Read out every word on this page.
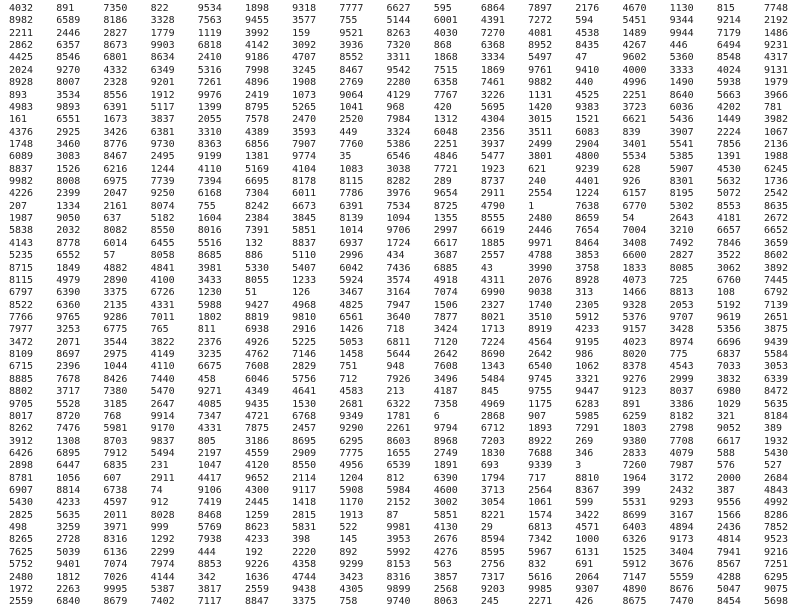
4032	891	7350	822	9534	1898	9318	7777	6627	595	6864	7897	2176	4670	1130	815	7748
8982	6589	8186	3328	7563	9455	3577	755	5144	6001	4391	7272	594	5451	9344	9214	2192
2211	2446	2827	1779	1119	3992	159	9521	8263	4030	7270	4081	4538	1489	9944	7179	1486
2862	6357	8673	9903	6818	4142	3092	3936	7320	868	6368	8952	8435	4267	446	6494	9231
4425	8546	6801	8634	2410	9186	4707	8552	3311	1868	3334	5497	47	9602	5360	8548	4317
2024	9270	4332	6349	5316	7998	3245	8467	9542	7515	1869	9761	9410	4000	3333	4024	9131
8928	8007	2328	9201	7261	4896	1908	2769	2280	6358	7461	9882	440	4996	1490	5938	1979
893	3534	8556	1912	9976	2419	1073	9064	4129	7767	3226	1131	4525	2251	8640	5663	3966
4983	9893	6391	5117	1399	8795	5265	1041	968	420	5695	1420	9383	3723	6036	4202	781
161	6551	1673	3837	2055	7578	2470	2520	7984	1312	4304	3015	1521	6621	5436	1449	3982
4376	2925	3426	6381	3310	4389	3593	449	3324	6048	2356	3511	6083	839	3907	2224	1067
1748	3460	8776	9730	8363	6856	7907	7760	5386	2251	3937	2499	2904	3401	5541	7856	2136
6089	3083	8467	2495	9199	1381	9774	35	6546	4846	5477	3801	4800	5534	5385	1391	1988
8837	1526	6216	1244	4110	5169	4104	1083	3038	7721	1923	621	9239	628	5907	4530	6245
9982	8008	6975	7739	7394	6695	8178	8115	8282	289	8737	240	4401	926	8301	5632	1736
4226	2399	2047	9250	6168	7304	6011	7786	3976	9654	2911	2554	1224	6157	8195	5072	2542
207	1334	2161	8074	755	8242	6673	6391	7534	8725	4790	1	7638	6770	5302	8553	8635
1987	9050	637	5182	1604	2384	3845	8139	1094	1355	8555	2480	8659	54	2643	4181	2672
5838	2032	8082	8550	8016	7391	5851	1014	9706	2997	6619	2446	7654	7004	3210	6657	6652
4143	8778	6014	6455	5516	132	8837	6937	1724	6617	1885	9971	8464	3408	7492	7846	3659
5235	6552	57	8058	8685	886	5110	2996	434	3687	2557	4788	3853	6600	2827	3522	8602
8715	1849	4882	4841	3981	5330	5407	6042	7436	6885	43	3990	3758	1833	8085	3062	3892
8115	4979	2890	4100	3433	8055	1233	5924	3574	4918	4311	2076	8928	4073	725	6760	7445
6797	6390	3375	6726	1230	51	126	3467	3164	7074	6990	9038	313	1466	8813	108	6792
8522	6360	2135	4331	5988	9427	4968	4825	7947	1506	2327	1740	2305	9328	2053	5192	7139
7766	9765	9286	7011	1802	8819	9810	6561	3640	7877	8021	3510	5912	5376	9707	9619	2651
7977	3253	6775	765	811	6938	2916	1426	718	3424	1713	8919	4233	9157	3428	5356	3875
3472	2071	3544	3822	2376	4926	5225	5053	6811	7120	7224	4564	9195	4023	8974	6696	9439
8109	8697	2975	4149	3235	4762	7146	1458	5644	2642	8690	2642	986	8020	775	6837	5584
6715	2396	1044	4110	6675	7608	2829	751	948	7608	1343	6540	1062	8378	4543	7033	3053
8885	7678	8426	7440	458	6046	5756	712	7926	3496	5484	9745	3321	9276	2999	3832	6339
8802	3717	7380	5470	9271	4349	4641	4583	213	4187	845	9755	9447	9123	8037	6980	8472
9705	5528	3185	2647	4085	9435	1530	2681	6322	7358	4969	1175	6283	891	3386	1029	5635
8017	8720	768	9914	7347	4721	6768	9349	1781	6	2868	907	5985	6259	8182	321	8184
8262	7476	5981	9170	4331	7875	2457	9290	2261	9794	6712	1893	7291	1803	2798	9052	389
3912	1308	8703	9837	805	3186	8695	6295	8603	8968	7203	8922	269	9380	7708	6617	1932
6426	6895	7912	5494	2197	4559	2909	7775	1655	2749	1830	7688	346	2833	4079	588	5430
2898	6447	6835	231	1047	4120	8550	4956	6539	1891	693	9339	3	7260	7987	576	527
8781	1056	607	2911	4417	9652	2114	1204	812	6390	1794	717	8810	1964	3172	2000	2684
6907	8814	6738	74	9106	4300	9117	5908	5984	4600	3713	2564	8367	399	2432	387	4843
5430	4233	4597	912	7419	2445	1418	1170	2152	3002	3054	1061	599	5531	9293	9556	4992
2825	5635	2011	8028	8468	1259	2815	1913	87	5851	8221	1574	3422	8699	3167	1566	8286
498	3259	3971	999	5769	8623	5831	522	9981	4130	29	6813	4571	6403	4894	2436	7852
8265	2728	8316	1292	7938	4233	398	145	3953	2676	8594	7342	1000	6326	9173	4814	9523
7625	5039	6136	2299	444	192	2220	892	5992	4276	8595	5967	6131	1525	3404	7941	9216
5752	9401	7074	7974	8853	9226	4358	9299	8153	563	2756	832	691	5912	3676	8567	7251
2480	1812	7026	4144	342	1636	4744	3423	8316	3857	7317	5616	2064	7147	5559	4288	6295
1972	2263	9995	5387	3817	2559	9438	4305	9899	2568	9203	9985	9307	4890	8676	5047	9075
2559	6840	8679	7402	7117	8847	3375	758	9740	8063	245	2271	426	8675	7470	8454	5698
